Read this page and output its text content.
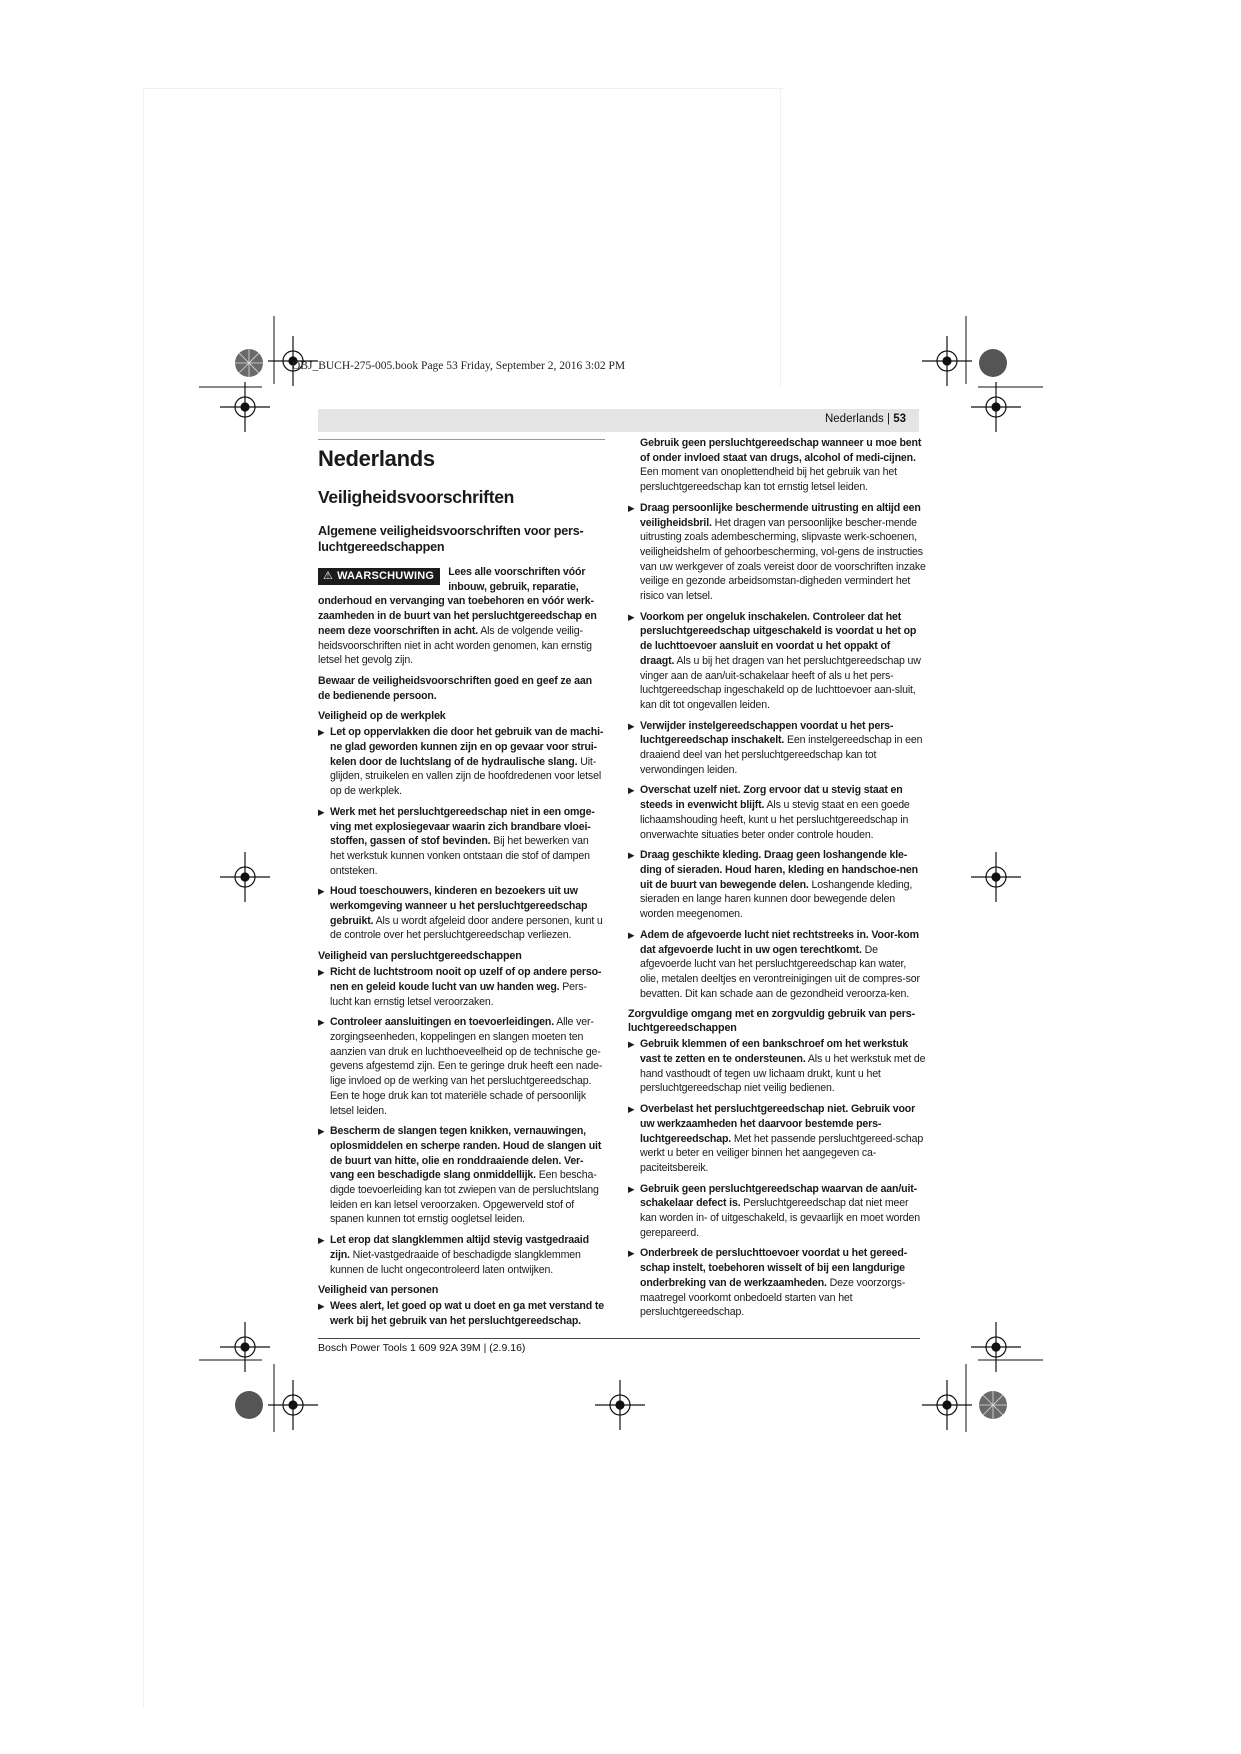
OBJ_BUCH-275-005.book Page 53 Friday, September 2, 2016 3:02 PM
Nederlands | 53
Nederlands
Veiligheidsvoorschriften
Algemene veiligheidsvoorschriften voor pers-luchtgereedschappen

⚠ WAARSCHUWING	Lees alle voorschriften vóór inbouw, gebruik, reparatie, onderhoud en vervanging van toebehoren en vóór werk-zaamheden in de buurt van het persluchtgereedschap en neem deze voorschriften in acht. Als de volgende veilig-heidsvoorschriften niet in acht worden genomen, kan ernstig letsel het gevolg zijn.

Bewaar de veiligheidsvoorschriften goed en geef ze aan de bedienende persoon.

Veiligheid op de werkplek
▶ Let op oppervlakken die door het gebruik van de machi-ne glad geworden kunnen zijn en op gevaar voor strui-kelen door de luchtslang of de hydraulische slang. Uit-glijden, struikelen en vallen zijn de hoofdredenen voor letsel op de werkplek.
▶ Werk met het persluchtgereedschap niet in een omge-ving met explosiegevaar waarin zich brandbare vloei-stoffen, gassen of stof bevinden. Bij het bewerken van het werkstuk kunnen vonken ontstaan die stof of dampen ontsteken.
▶ Houd toeschouwers, kinderen en bezoekers uit uw werkomgeving wanneer u het persluchtgereedschap gebruikt. Als u wordt afgeleid door andere personen, kunt u de controle over het persluchtgereedschap verliezen.
Veiligheid van persluchtgereedschappen
▶ Richt de luchtstroom nooit op uzelf of op andere perso-nen en geleid koude lucht van uw handen weg. Pers-lucht kan ernstig letsel veroorzaken.
▶ Controleer aansluitingen en toevoerleidingen. Alle ver-zorgingseenheden, koppelingen en slangen moeten ten aanzien van druk en luchthoeveelheid op de technische ge-gevens afgestemd zijn. Een te geringe druk heeft een nade-lige invloed op de werking van het persluchtgereedschap. Een te hoge druk kan tot materiële schade of persoonlijk letsel leiden.
▶ Bescherm de slangen tegen knikken, vernauwingen, oplosmiddelen en scherpe randen. Houd de slangen uit de buurt van hitte, olie en ronddraaiende delen. Ver-vang een beschadigde slang onmiddellijk. Een bescha-digde toevoerleiding kan tot zwiepen van de persluchtslang leiden en kan letsel veroorzaken. Opgewerveld stof of spanen kunnen tot ernstig oogletsel leiden.
▶ Let erop dat slangklemmen altijd stevig vastgedraaid zijn. Niet-vastgedraaide of beschadigde slangklemmen kunnen de lucht ongecontroleerd laten ontwijken.
Veiligheid van personen
▶ Wees alert, let goed op wat u doet en ga met verstand te werk bij het gebruik van het persluchtgereedschap.
Gebruik geen persluchtgereedschap wanneer u moe bent of onder invloed staat van drugs, alcohol of medi-cijnen. Een moment van onoplettendheid bij het gebruik van het persluchtgereedschap kan tot ernstig letsel leiden.
▶ Draag persoonlijke beschermende uitrusting en altijd een veiligheidsbril. Het dragen van persoonlijke bescher-mende uitrusting zoals adembescherming, slipvaste werk-schoenen, veiligheidshelm of gehoorbescherming, vol-gens de instructies van uw werkgever of zoals vereist door de voorschriften inzake veilige en gezonde arbeidsomstan-digheden vermindert het risico van letsel.
▶ Voorkom per ongeluk inschakelen. Controleer dat het persluchtgereedschap uitgeschakeld is voordat u het op de luchttoevoer aansluit en voordat u het oppakt of draagt. Als u bij het dragen van het persluchtgereedschap uw vinger aan de aan/uit-schakelaar heeft of als u het pers-luchtgereedschap ingeschakeld op de luchttoevoer aan-sluit, kan dit tot ongevallen leiden.
▶ Verwijder instelgereedschappen voordat u het pers-luchtgereedschap inschakelt. Een instelgereedschap in een draaiend deel van het persluchtgereedschap kan tot verwondingen leiden.
▶ Overschat uzelf niet. Zorg ervoor dat u stevig staat en steeds in evenwicht blijft. Als u stevig staat en een goede lichaamshouding heeft, kunt u het persluchtgereedschap in onverwachte situaties beter onder controle houden.
▶ Draag geschikte kleding. Draag geen loshangende kle-ding of sieraden. Houd haren, kleding en handschoe-nen uit de buurt van bewegende delen. Loshangende kleding, sieraden en lange haren kunnen door bewegende delen worden meegenomen.
▶ Adem de afgevoerde lucht niet rechtstreeks in. Voor-kom dat afgevoerde lucht in uw ogen terechtkomt. De afgevoerde lucht van het persluchtgereedschap kan water, olie, metalen deeltjes en verontreinigingen uit de compres-sor bevatten. Dit kan schade aan de gezondheid veroorza-ken.
Zorgvuldige omgang met en zorgvuldig gebruik van pers-luchtgereedschappen
▶ Gebruik klemmen of een bankschroef om het werkstuk vast te zetten en te ondersteunen. Als u het werkstuk met de hand vasthoudt of tegen uw lichaam drukt, kunt u het persluchtgereedschap niet veilig bedienen.
▶ Overbelast het persluchtgereedschap niet. Gebruik voor uw werkzaamheden het daarvoor bestemde pers-luchtgereedschap. Met het passende persluchtgereed-schap werkt u beter en veiliger binnen het aangegeven ca-paciteitsbereik.
▶ Gebruik geen persluchtgereedschap waarvan de aan/uit-schakelaar defect is. Persluchtgereedschap dat niet meer kan worden in- of uitgeschakeld, is gevaarlijk en moet worden gerepareerd.
▶ Onderbreek de persluchttoevoer voordat u het gereed-schap instelt, toebehoren wisselt of bij een langdurige onderbreking van de werkzaamheden. Deze voorzorgs-maatregel voorkomt onbedoeld starten van het persluchtgereedschap.
Bosch Power Tools 1 609 92A 39M | (2.9.16)
